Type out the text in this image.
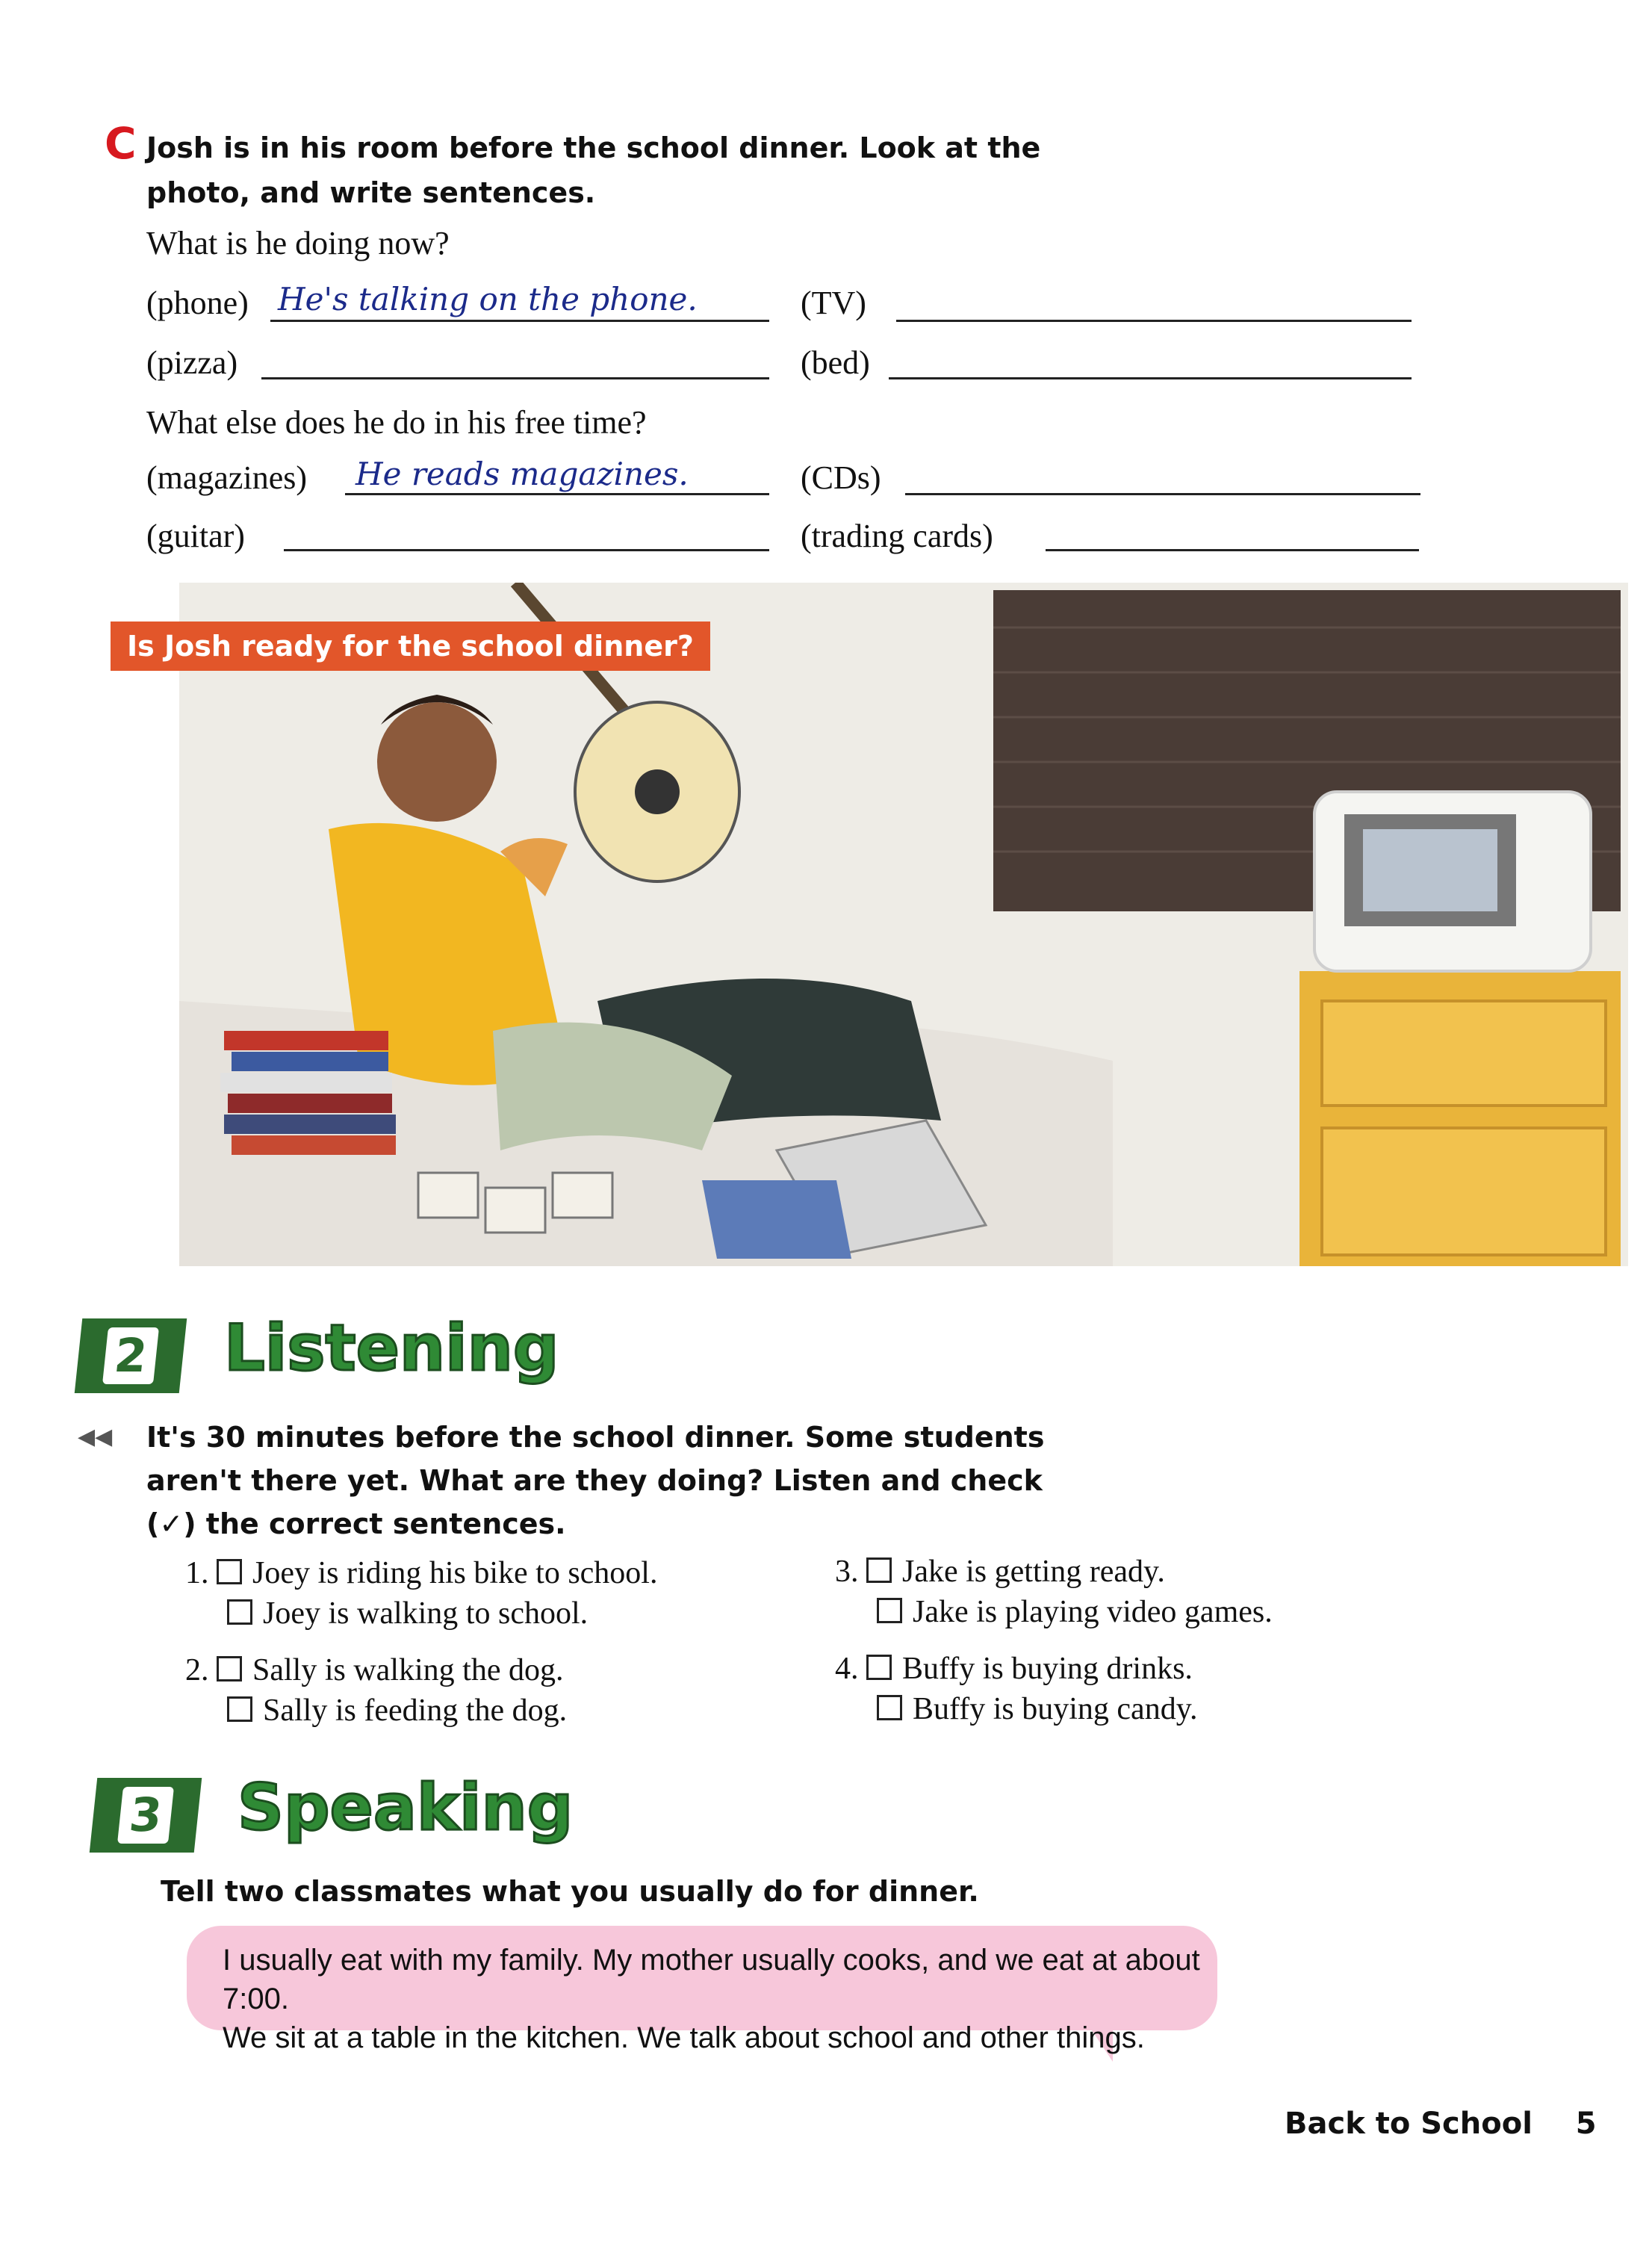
C Josh is in his room before the school dinner. Look at the photo, and write sentences.
What is he doing now?
(phone) He's talking on the phone.	(TV)
(pizza)	(bed)
What else does he do in his free time?
(magazines) He reads magazines.	(CDs)
(guitar)	(trading cards)
Is Josh ready for the school dinner?
2	Listening
◀◀ It's 30 minutes before the school dinner. Some students aren't there yet. What are they doing? Listen and check (✓) the correct sentences.
1. Joey is riding his bike to school.
Joey is walking to school.
2. Sally is walking the dog.
Sally is feeding the dog.
3. Jake is getting ready.
Jake is playing video games.
4. Buffy is buying drinks.
Buffy is buying candy.
3	Speaking
Tell two classmates what you usually do for dinner.
I usually eat with my family. My mother usually cooks, and we eat at about 7:00.
We sit at a table in the kitchen. We talk about school and other things.
Back to School 5
